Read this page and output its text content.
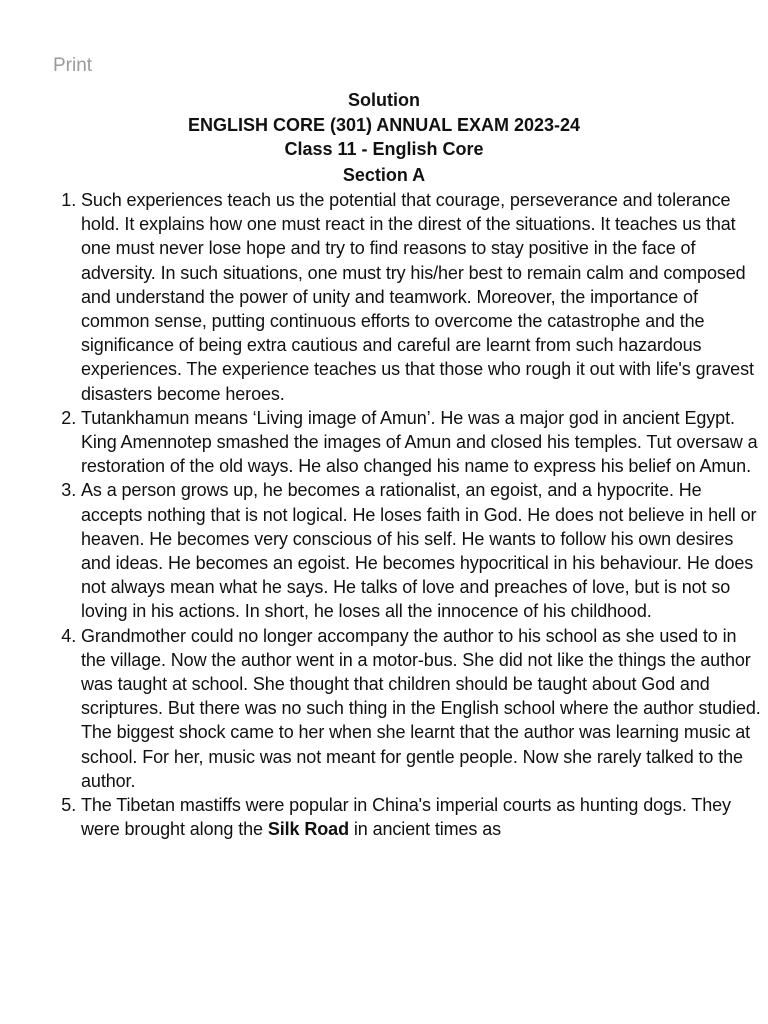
Print
Solution
ENGLISH CORE (301) ANNUAL EXAM 2023-24
Class 11 - English Core
Section A

1. Such experiences teach us the potential that courage, perseverance and tolerance hold. It explains how one must react in the direst of the situations. It teaches us that one must never lose hope and try to find reasons to stay positive in the face of adversity. In such situations, one must try his/her best to remain calm and composed and understand the power of unity and teamwork. Moreover, the importance of common sense, putting continuous efforts to overcome the catastrophe and the significance of being extra cautious and careful are learnt from such hazardous experiences. The experience teaches us that those who rough it out with life's gravest disasters become heroes.

2. Tutankhamun means ‘Living image of Amun’. He was a major god in ancient Egypt. King Amennotep smashed the images of Amun and closed his temples. Tut oversaw a restoration of the old ways. He also changed his name to express his belief on Amun.

3. As a person grows up, he becomes a rationalist, an egoist, and a hypocrite. He accepts nothing that is not logical. He loses faith in God. He does not believe in hell or heaven. He becomes very conscious of his self. He wants to follow his own desires and ideas. He becomes an egoist. He becomes hypocritical in his behaviour. He does not always mean what he says. He talks of love and preaches of love, but is not so loving in his actions. In short, he loses all the innocence of his childhood.

4. Grandmother could no longer accompany the author to his school as she used to in the village. Now the author went in a motor-bus. She did not like the things the author was taught at school. She thought that children should be taught about God and scriptures. But there was no such thing in the English school where the author studied.

The biggest shock came to her when she learnt that the author was learning music at school. For her, music was not meant for gentle people. Now she rarely talked to the author.

5. The Tibetan mastiffs were popular in China's imperial courts as hunting dogs. They were brought along the Silk Road in ancient times as
